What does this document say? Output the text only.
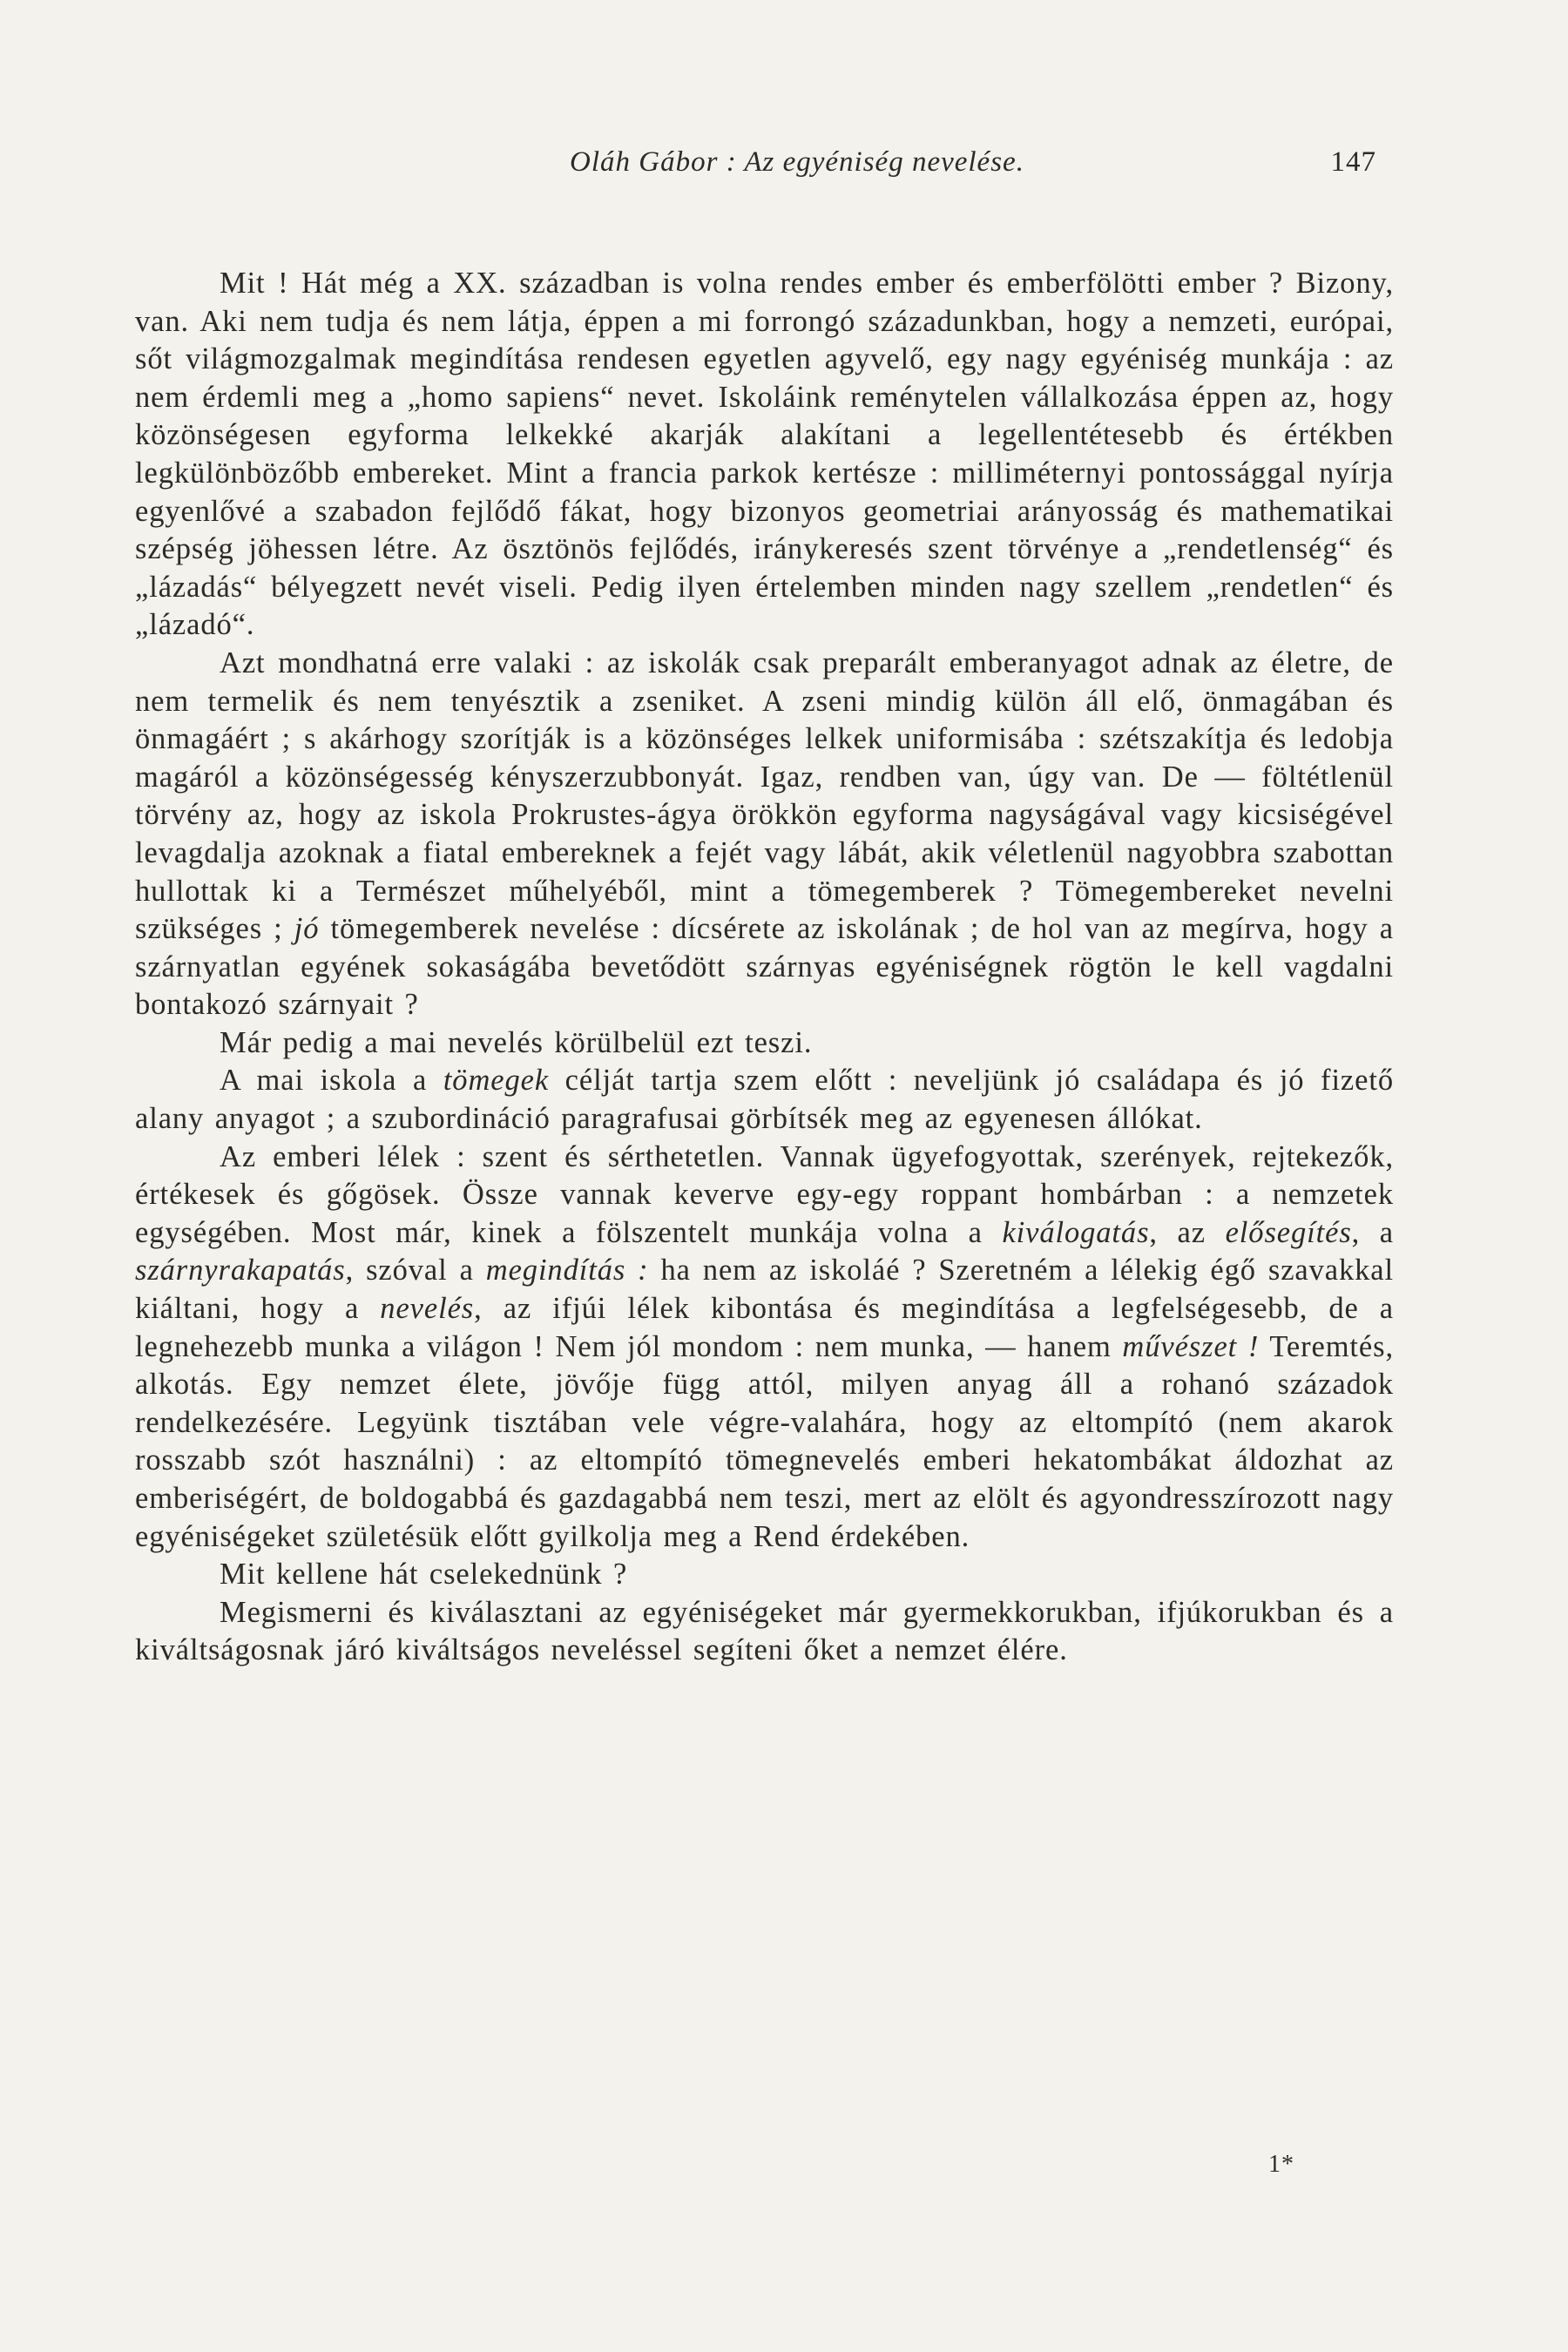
Oláh Gábor : Az egyéniség nevelése.	147

Mit ! Hát még a XX. században is volna rendes ember és emberfölötti ember ? Bizony, van. Aki nem tudja és nem látja, éppen a mi forrongó századunkban, hogy a nemzeti, európai, sőt világmozgalmak megindítása rendesen egyetlen agyvelő, egy nagy egyéniség munkája : az nem érdemli meg a „homo sapiens“ nevet. Iskoláink reménytelen vállalkozása éppen az, hogy közönségesen egyforma lelkekké akarják alakítani a legellentétesebb és értékben legkülönbözőbb embereket. Mint a francia parkok kertésze : milliméternyi pontossággal nyírja egyenlővé a szabadon fejlődő fákat, hogy bizonyos geometriai arányosság és mathematikai szépség jöhessen létre. Az ösztönös fejlődés, iránykeresés szent törvénye a „rendetlenség“ és „lázadás“ bélyegzett nevét viseli. Pedig ilyen értelemben minden nagy szellem „rendetlen“ és „lázadó“.

Azt mondhatná erre valaki : az iskolák csak preparált emberanyagot adnak az életre, de nem termelik és nem tenyésztik a zseniket. A zseni mindig külön áll elő, önmagában és önmagáért ; s akárhogy szorítják is a közönséges lelkek uniformisába : szétszakítja és ledobja magáról a közönségesség kényszerzubbonyát. Igaz, rendben van, úgy van. De — föltétlenül törvény az, hogy az iskola Prokrustes-ágya örökkön egyforma nagyságával vagy kicsiségével levagdalja azoknak a fiatal embereknek a fejét vagy lábát, akik véletlenül nagyobbra szabottan hullottak ki a Természet műhelyéből, mint a tömegemberek ? Tömegembereket nevelni szükséges ; jó tömegemberek nevelése : dícsérete az iskolának ; de hol van az megírva, hogy a szárnyatlan egyének sokaságába bevetődött szárnyas egyéniségnek rögtön le kell vagdalni bontakozó szárnyait ?

Már pedig a mai nevelés körülbelül ezt teszi.

A mai iskola a tömegek célját tartja szem előtt : neveljünk jó családapa és jó fizető alany anyagot ; a szubordináció paragrafusai görbítsék meg az egyenesen állókat.

Az emberi lélek : szent és sérthetetlen. Vannak ügyefogyottak, szerények, rejtekezők, értékesek és gőgösek. Össze vannak keverve egy-egy roppant hombárban : a nemzetek egységében. Most már, kinek a fölszentelt munkája volna a kiválogatás, az elősegítés, a szárnyrakapatás, szóval a megindítás : ha nem az iskoláé ? Szeretném a lélekig égő szavakkal kiáltani, hogy a nevelés, az ifjúi lélek kibontása és megindítása a legfelségesebb, de a legnehezebb munka a világon ! Nem jól mondom : nem munka, — hanem művészet ! Teremtés, alkotás. Egy nemzet élete, jövője függ attól, milyen anyag áll a rohanó századok rendelkezésére. Legyünk tisztában vele végre-valahára, hogy az eltompító (nem akarok rosszabb szót használni) : az eltompító tömegnevelés emberi hekatombákat áldozhat az emberiségért, de boldogabbá és gazdagabbá nem teszi, mert az elölt és agyondresszírozott nagy egyéniségeket születésük előtt gyilkolja meg a Rend érdekében.

Mit kellene hát cselekednünk ?

Megismerni és kiválasztani az egyéniségeket már gyermekkorukban, ifjúkorukban és a kiváltságosnak járó kiváltságos neveléssel segíteni őket a nemzet élére.

1*
